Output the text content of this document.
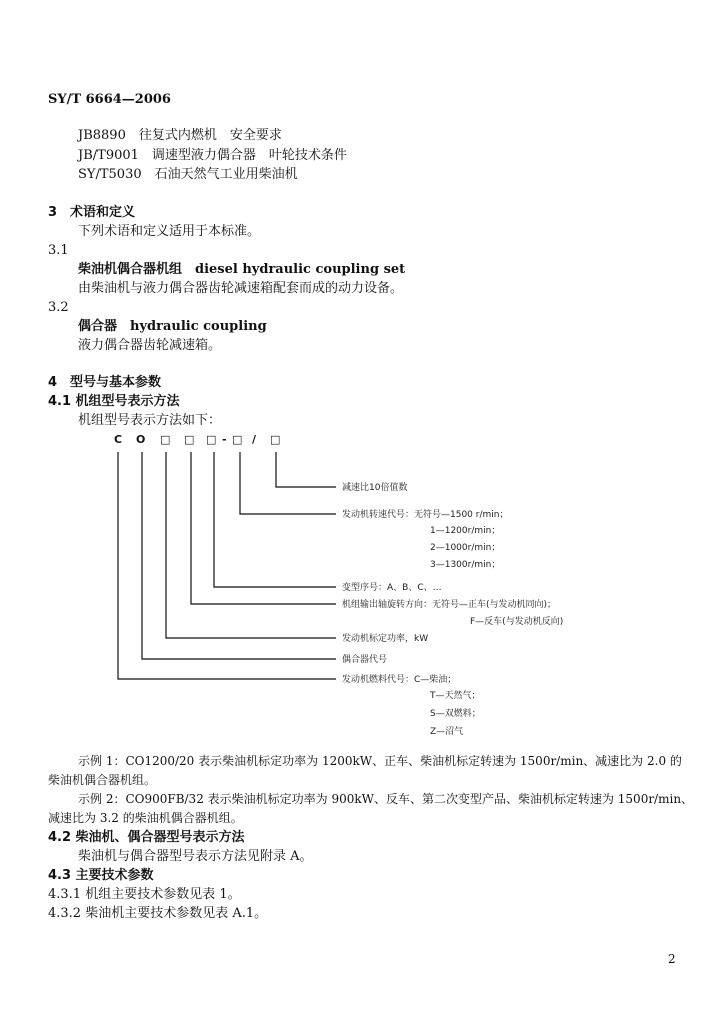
SY/T 6664—2006
JB8890　往复式内燃机　安全要求
JB/T9001　调速型液力偶合器　叶轮技术条件
SY/T5030　石油天然气工业用柴油机
3　术语和定义
下列术语和定义适用于本标准。
3.1
柴油机偶合器机组　diesel hydraulic coupling set
由柴油机与液力偶合器齿轮减速箱配套而成的动力设备。
3.2
偶合器　hydraulic coupling
液力偶合器齿轮减速箱。
4　型号与基本参数
4.1 机组型号表示方法
机组型号表示方法如下：
C O □ □ □ - □ / □
减速比10倍值数
发动机转速代号：无符号—1500 r/min；
1—1200r/min；
2—1000r/min；
3—1300r/min；
变型序号：A、B、C、…
机组输出轴旋转方向：无符号—正车(与发动机同向)；
F—反车(与发动机反向)
发动机标定功率，kW
偶合器代号
发动机燃料代号：C—柴油；
T—天然气；
S—双燃料；
Z—沼气
示例 1：CO1200/20 表示柴油机标定功率为 1200kW、正车、柴油机标定转速为 1500r/min、减速比为 2.0 的
柴油机偶合器机组。
示例 2：CO900FB/32 表示柴油机标定功率为 900kW、反车、第二次变型产品、柴油机标定转速为 1500r/min、
减速比为 3.2 的柴油机偶合器机组。
4.2 柴油机、偶合器型号表示方法
柴油机与偶合器型号表示方法见附录 A。
4.3 主要技术参数
4.3.1 机组主要技术参数见表 1。
4.3.2 柴油机主要技术参数见表 A.1。
2
